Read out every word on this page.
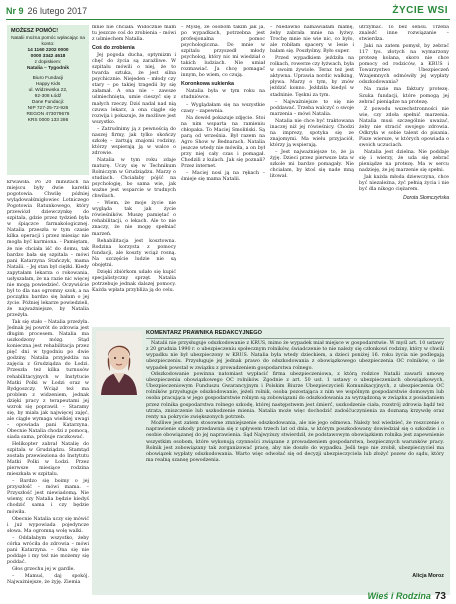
Nr 9 26 lutego 2017	ŻYCIE WSI
MOŻESZ POMÓC!
Natalii można pomóc wpłacając na konto:
14 1160 2202 0000
0000 3342 4618
z dopiskiem:
Natalia – Tygodnik
Biuro Fundacji
Happy Kids
ul. Widzewska 22,
92-308 Łódź
Dane Fundacji:
NIP 727-25-72-926
REGON 473079676
KRS 0000 133 286

krwawiła. Po 20 minutach na miejscu były dwie karetki pogotowia. Chwilę później wylądowałśmigłowiec Lotniczego Pogotowia Ratunkowego, który przewiózł dziewczynkę do szpitala, gdzie przez tydzień była w śpiączce farmakologicznej. Natalia przeszła w tym czasie kilka operacji i przez miesiąc nie mogła być karmiona. – Pamiętam, że nie chciała iść do domu, tak bardzo bała się szpitala – mówi pani Katarzyna Stańczyk, mama Natalii. – Jej stan był ciężki. Kiedy zapytałam lekarza o rokowania, usłyszałam, że na razie nic więcej nie mogą powiedzieć. Oczywiście był to dla nas ogromny szok, a na początku bardzo się bałam o jej życie. Później lekarze powiedzieli, że najważniejsze, by Natalia przeżyła.

Tak się stało – Natalia przeżyła. Jednak jej powrót do zdrowia jest długim procesem. Natalia ma uszkodzony mózg. Stąd konieczna jest rehabilitacja przez pięć dni w tygodniu po dwie godziny. Natalia przyjeżdża na zajęcia z Grudziądza do Łodzi. Przeszła też kilka turnusów rehabilitacyjnych w Instytucie Matki Polki w Łodzi oraz w Bydgoszczy. Wciąż też ma problem z widzeniem, jednak dzięki pracy z terapeutami jej wzrok się poprawił. – Staramy się, by miała jak najwięcej zajęć, ale ciągle wymaga wielkiej uwagi – opowiada pani Katarzyna. Obecnie Natalia chodzi z pomocą, siada sama, próbuje raczkować.

Helikopter zabrał Natalię do szpitala w Grudziądzu. Stamtąd została przewieziona do Instytutu Matki Polki w Łodzi. Przez pierwsze miesiące rodzina mieszkała w szpitalu.

– Bardzo się boimy o jej przyszłość – mówi mama. – Przyszłość jest niewiadomą. Nie wiemy, czy Natalia będzie kiedyś chodzić sama i czy będzie mówiła.

Obecnie Natalia uczy się mówić i już wypowiada pojedyncze słowa. Ma ogromną wolę walki.

– Oddałabym wszystko, żeby córka wróciła do zdrowia – mówi pani Katarzyna. – Ona się nie poddaje i my też nie możemy się poddać.

Głos grzechu jej w gardle.

– Mamuś, daj spokój. Najważniejsze, że żyję. Ziemia

mnie nie chciała. Widocznie mam tu jeszcze coś do zrobienia – mówi z uśmiechem Natalia.

Coś do zrobienia

Jej pogoda ducha, optymizm i chęć do życia są zaraźliwe. W szpitalu mówili o niej, że to twarda sztuka, że jest silna psychicznie. Niejeden – młody czy stary – po takiej tragedii by się załamał. A ona nie – zawsze uśmiechnięta, umie cieszyć się z małych rzeczy. Dziś nadal nad nią czuwa lekarz, a ona ciągle się rozwija i pokazuje, że możliwe jest wszystko.

– Zatrudnimy ją z pewnością do naszej firmy, jak tylko skończy szkołę – żartują znajomi rodziny, którzy wspierają ją w walce o zdrowie.

Natalia w tym roku zdaje maturę. Uczy się w Technikum Rolniczym w Grudziądzu. Marzy o studiach. Chciałaby pójść na psychologię, bo sama wie, jak ważne jest wsparcie w trudnych chwilach.

– Wiem, że moje życie nie wygląda tak jak życie rówieśników. Muszę pamiętać o rehabilitacji, o lekach. Ale to nie znaczy, że nie mogę spełniać marzeń.

Rehabilitacja jest kosztowna. Rodzina korzysta z pomocy fundacji, ale koszty wciąż rosną. Na szczęście ludzie nie są obojętni.

Dzięki zbiórkom udało się kupić specjalistyczny sprzęt. Natalia potrzebuje jednak dalszej pomocy. Każda wpłata przybliża ją do celu.

– Myślę, że osobom takim jak ja, po wypadkach, potrzebna jest profesjonalna pomoc psychologiczna. Do mnie w szpitalu przyszedł młody psycholog, który nic mi wiedział o takich ludziach. Nie umiał rozmawiać. Ja chcę pomagać innym, bo wiem, co czują.

Koronkowa sukienka

Natalia była w tym roku na studniówce.

– Wyglądałam się na wszystkie czasy – zapewnia.

Na dowód pokazuje zdjęcie. Stoi na nim wsparta na ramieniu chłopaka. To Maciej Smoliński. Są parą od września. Był razem na Agro Show w Bednarach. Natalia jeszcze wtedy nie mówiła, a on był przy niej cały czas i pomagał. Chodzili z kulach. Jak się poznali? Przez internet.

– Maciej nosi ją na rękach – śmieje się mama Natalii.

– Niedawno namawiałam mamę, żeby zabrała mnie na łyżwy. Trochę mnie nie wie nic, co było, ale robiłam spacery w lesie i bałam się. Poszłyśmy. Było super.

Przed wypadkiem jeździła na rolkach, rowerze czy łyżwach, była w swoim żywiole. Teraz też jest aktywna. Uprawia nordic walking, pływa. Marzy o tym, by znów jeździć konno. Jeździła kiedyś w stadninie. Tęskni za tym.

– Najważniejsze to się nie poddawać. Trzeba walczyć o swoje marzenia – mówi Natalia.

Natalia nie chce być traktowana inaczej niż jej rówieśnicy. Chodzi na imprezy, spotyka się ze znajomymi. Ma wielu przyjaciół, którzy ją wspierają.

– Jest najważniejsze to, że ja żyję. Dzieci przez pierwsze lata w szkole mi bardzo pomagały. Nie chciałam, by ktoś się nade mną litował.

utrzymać. To bez sensu. Trzeba znaleźć inne rozwiązanie – stwierdza.

Jaki na zatem pomysł, by zebrać 117 tys. złotych na wymarzony protezę kolana, skoro nie chce pomocy od rodziców, a KRUS i Towarzystwo Ubezpieczeń Wzajemnych odmówiły jej wypłaty odszkodowania?

Na razie ma faktury protezę. Szuka fundacji, które pomogą jej zebrać pieniądze na protezę.

Z powodu wszechstronności nie wie, czy zdoła spełnić marzenia. Natalia musi szczególnie uważać, żeby nie stracić swojego zdrowia. Odkryła w sobie talent do pisania. Pisze wiersze, w których opowiada o swoich uczuciach.

Natalia jest dzielna. Nie poddaje się i wierzy, że uda się zebrać pieniądze na protezę. Ma w sercu nadzieję, że jej marzenie się spełni.

Jak każda młoda dziewczyna, chce być niezależna, żyć pełnią życia i nie być dla nikogo ciężarem.

Dorota Słomczyńska
KOMENTARZ PRAWNIKA REDAKCYJNEGO

Natalii nie przysługuje odszkodowanie z KRUS, mimo że wypadek miał miejsce w gospodarstwie. W myśl art. 10 ustawy z 20 grudnia 1990 r. o ubezpieczeniu społecznym rolników, świadczenie to nie należy się członkowi rodziny, który w chwili wypadku nie był ubezpieczony w KRUS. Natalia była wtedy dzieckiem, a dzieci poniżej 16. roku życia nie podlegają ubezpieczeniu. Przysługuje jej jednak prawo do odszkodowania z obowiązkowego ubezpieczenia OC rolników, o ile wypadek powstał w związku z prowadzeniem gospodarstwa rolnego.

Odszkodowanie powinna natomiast wypłacić firma ubezpieczeniowa, z którą rodzice Natalii zawarli umowę ubezpieczenia obowiązkowego OC rolników. Zgodnie z art. 50 ust. 1 ustawy o ubezpieczeniach obowiązkowych, Ubezpieczeniowym Funduszu Gwarancyjnym i Polskim Biurze Ubezpieczycieli Komunikacyjnych, z ubezpieczenia OC rolników przysługuje odszkodowanie, jeżeli rolnik, osoba pozostająca z nim we wspólnym gospodarstwie domowym lub osoba pracująca w jego gospodarstwie rolnym są zobowiązani do odszkodowania za wyrządzoną w związku z posiadaniem przez rolnika gospodarstwa rolnego szkodę, której następstwem jest śmierć, uszkodzenie ciała, rozstrój zdrowia bądź też utrata, zniszczenie lub uszkodzenie mienia. Natalia może więc dochodzić zadośćuczynienia za doznaną krzywdę oraz renty na pokrycie zwiększonych potrzeb.

Możliwe jest zatem stosowne zmniejszenie odszkodowania, ale nie jego odmowa. Należy też wiedzieć, że roszczenie o naprawienie szkody przedawnia się z upływem trzech lat od dnia, w którym poszkodowany dowiedział się o szkodzie i o osobie obowiązanej do jej naprawienia. Sąd Najwyższy stwierdził, że podstawowym obowiązkiem rolnika jest zapewnienie wszystkim osobom, które wykonują czynności związane z prowadzeniem gospodarstwa, bezpiecznych warunków pracy. Rolnik jest zobowiązany tak zorganizować pracę, aby nie doszło do wypadku. Jeśli tego nie zrobił, ubezpieczyciel ma obowiązek wypłaty odszkodowania. Warto więc odwołać się od decyzji ubezpieczyciela lub złożyć pozew do sądu, który ma realną szansę powodzenia.

Alicja Moroz
Wieś i Rodzina 73
